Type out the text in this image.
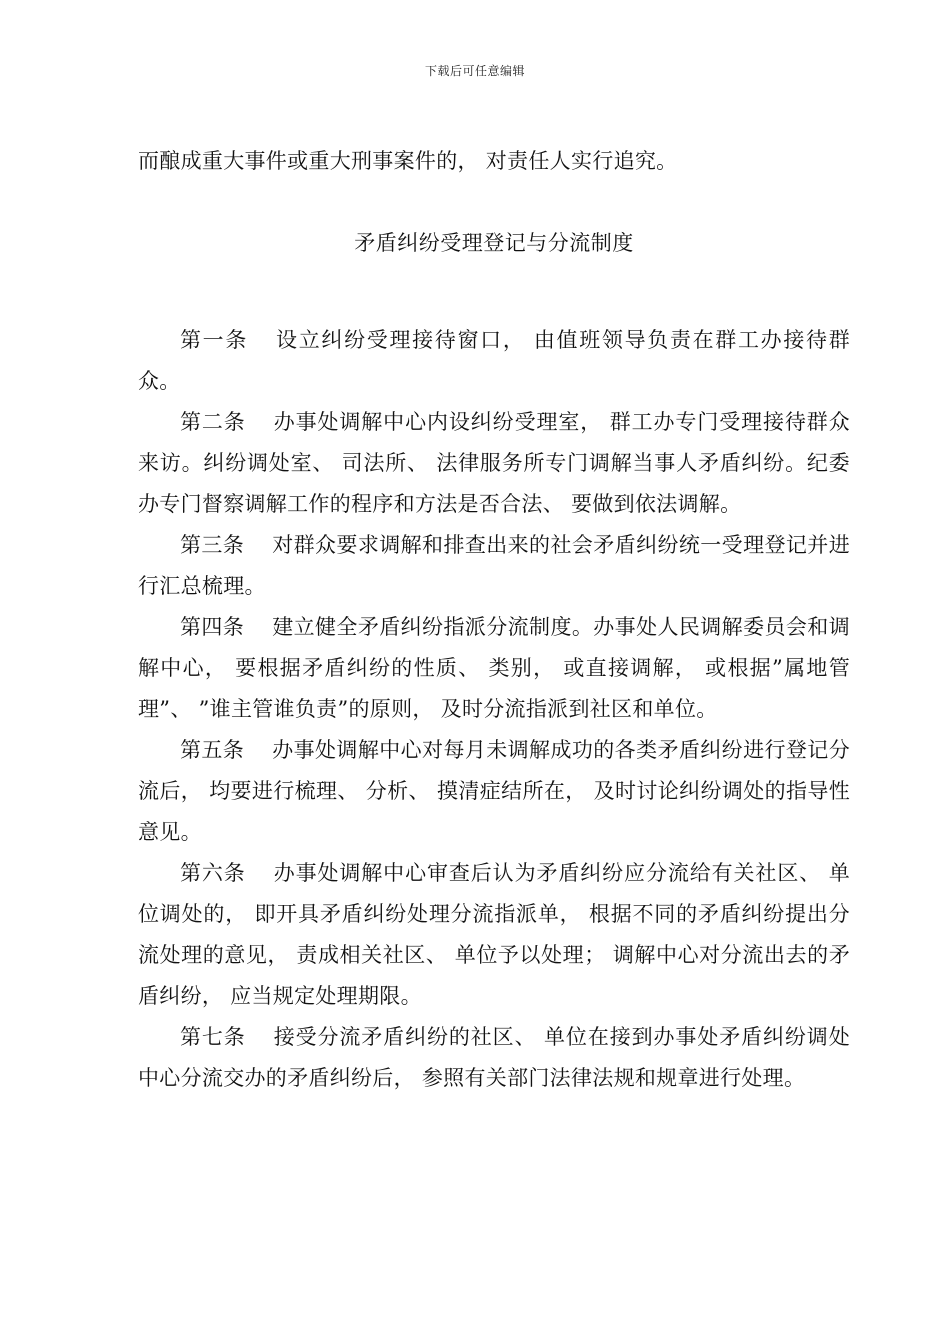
下载后可任意编辑

而酿成重大事件或重大刑事案件的， 对责任人实行追究。

矛盾纠纷受理登记与分流制度

第一条 设立纠纷受理接待窗口， 由值班领导负责在群工办接待群众。

第二条 办事处调解中心内设纠纷受理室， 群工办专门受理接待群众来访。纠纷调处室、 司法所、 法律服务所专门调解当事人矛盾纠纷。纪委办专门督察调解工作的程序和方法是否合法、 要做到依法调解。

第三条 对群众要求调解和排查出来的社会矛盾纠纷统一受理登记并进行汇总梳理。

第四条 建立健全矛盾纠纷指派分流制度。办事处人民调解委员会和调解中心， 要根据矛盾纠纷的性质、 类别， 或直接调解， 或根据”属地管理”、 ”谁主管谁负责”的原则， 及时分流指派到社区和单位。

第五条 办事处调解中心对每月未调解成功的各类矛盾纠纷进行登记分流后， 均要进行梳理、 分析、 摸清症结所在， 及时讨论纠纷调处的指导性意见。

第六条 办事处调解中心审查后认为矛盾纠纷应分流给有关社区、 单位调处的， 即开具矛盾纠纷处理分流指派单， 根据不同的矛盾纠纷提出分流处理的意见， 责成相关社区、 单位予以处理； 调解中心对分流出去的矛盾纠纷， 应当规定处理期限。

第七条 接受分流矛盾纠纷的社区、 单位在接到办事处矛盾纠纷调处中心分流交办的矛盾纠纷后， 参照有关部门法律法规和规章进行处理。
